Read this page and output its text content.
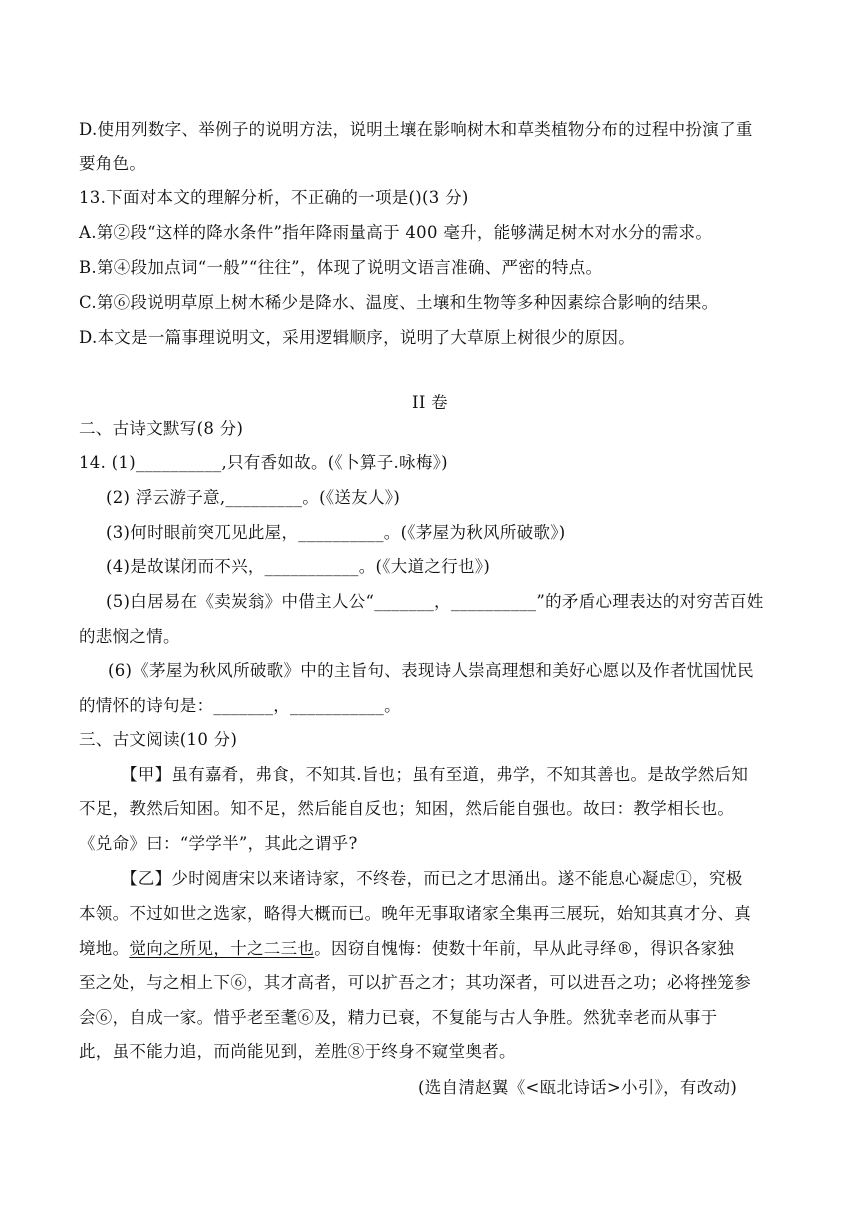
D.使用列数字、举例子的说明方法，说明土壤在影响树木和草类植物分布的过程中扮演了重
要角色。
13.下面对本文的理解分析，不正确的一项是()(3 分)
A.第②段“这样的降水条件”指年降雨量高于 400 毫升，能够满足树木对水分的需求。
B.第④段加点词“一般”“往往”，体现了说明文语言准确、严密的特点。
C.第⑥段说明草原上树木稀少是降水、温度、土壤和生物等多种因素综合影响的结果。
D.本文是一篇事理说明文，采用逻辑顺序，说明了大草原上树很少的原因。
II 卷
二、古诗文默写(8 分)
14. (1)__________,只有香如故。(《卜算子.咏梅》)
(2) 浮云游子意,_________。(《送友人》)
(3)何时眼前突兀见此屋，__________。(《茅屋为秋风所破歌》)
(4)是故谋闭而不兴，___________。(《大道之行也》)
(5)白居易在《卖炭翁》中借主人公“_______，__________”的矛盾心理表达的对穷苦百姓
的悲悯之情。
(6)《茅屋为秋风所破歌》中的主旨句、表现诗人崇高理想和美好心愿以及作者忧国忧民
的情怀的诗句是：_______，___________。
三、古文阅读(10 分)
【甲】虽有嘉肴，弗食，不知其.旨也；虽有至道，弗学，不知其善也。是故学然后知
不足，教然后知困。知不足，然后能自反也；知困，然后能自强也。故曰：教学相长也。
《兑命》曰：“学学半”，其此之谓乎?
【乙】少时阅唐宋以来诸诗家，不终卷，而已之才思涌出。遂不能息心凝虑①，究极
本领。不过如世之选家，略得大概而已。晚年无事取诸家全集再三展玩，始知其真才分、真
境地。觉向之所见，十之二三也。因窃自愧悔：使数十年前，早从此寻绎®，得识各家独
至之处，与之相上下⑥，其才高者，可以扩吾之才；其功深者，可以进吾之功；必将挫笼参
会⑥，自成一家。惜乎老至耄⑥及，精力已衰，不复能与古人争胜。然犹幸老而从事于
此，虽不能力追，而尚能见到，差胜⑧于终身不窥堂奥者。
(选自清赵翼《<瓯北诗话>小引》，有改动)
